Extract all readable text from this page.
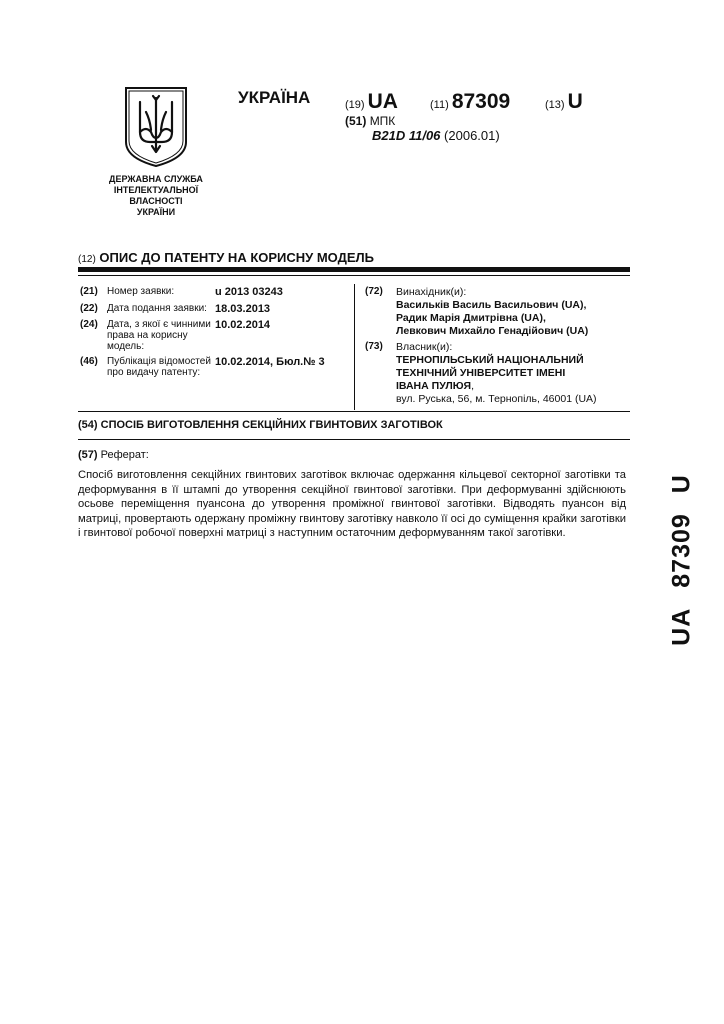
ДЕРЖАВНА СЛУЖБА
ІНТЕЛЕКТУАЛЬНОЇ
ВЛАСНОСТІ
УКРАЇНИ
УКРАЇНА	(19) UA	(11) 87309	(13) U
(51) МПК
B21D 11/06 (2006.01)
(12) ОПИС ДО ПАТЕНТУ НА КОРИСНУ МОДЕЛЬ
(21) Номер заявки:	u 2013 03243
(22) Дата подання заявки: 18.03.2013
(24) Дата, з якої є чинними права на корисну модель:
10.02.2014
(46) Публікація відомостей про видачу патенту:
10.02.2014, Бюл.№ 3
(72) Винахідник(и):
Васильків Василь Васильович (UA),
Радик Марія Дмитрівна (UA),
Левкович Михайло Генадійович (UA)
(73) Власник(и):
ТЕРНОПІЛЬСЬКИЙ НАЦІОНАЛЬНИЙ ТЕХНІЧНИЙ УНІВЕРСИТЕТ ІМЕНІ ІВАНА ПУЛЮЯ,
вул. Руська, 56, м. Тернопіль, 46001 (UA)
(54) СПОСІБ ВИГОТОВЛЕННЯ СЕКЦІЙНИХ ГВИНТОВИХ ЗАГОТІВОК
(57) Реферат:
Спосіб виготовлення секційних гвинтових заготівок включає одержання кільцевої секторної заготівки та деформування в її штампі до утворення секційної гвинтової заготівки. При деформуванні здійснюють осьове переміщення пуансона до утворення проміжної гвинтової заготівки. Відводять пуансон від матриці, провертають одержану проміжну гвинтову заготівку навколо її осі до суміщення крайки заготівки і гвинтової робочої поверхні матриці з наступним остаточним деформуванням такої заготівки.
UA87309U
